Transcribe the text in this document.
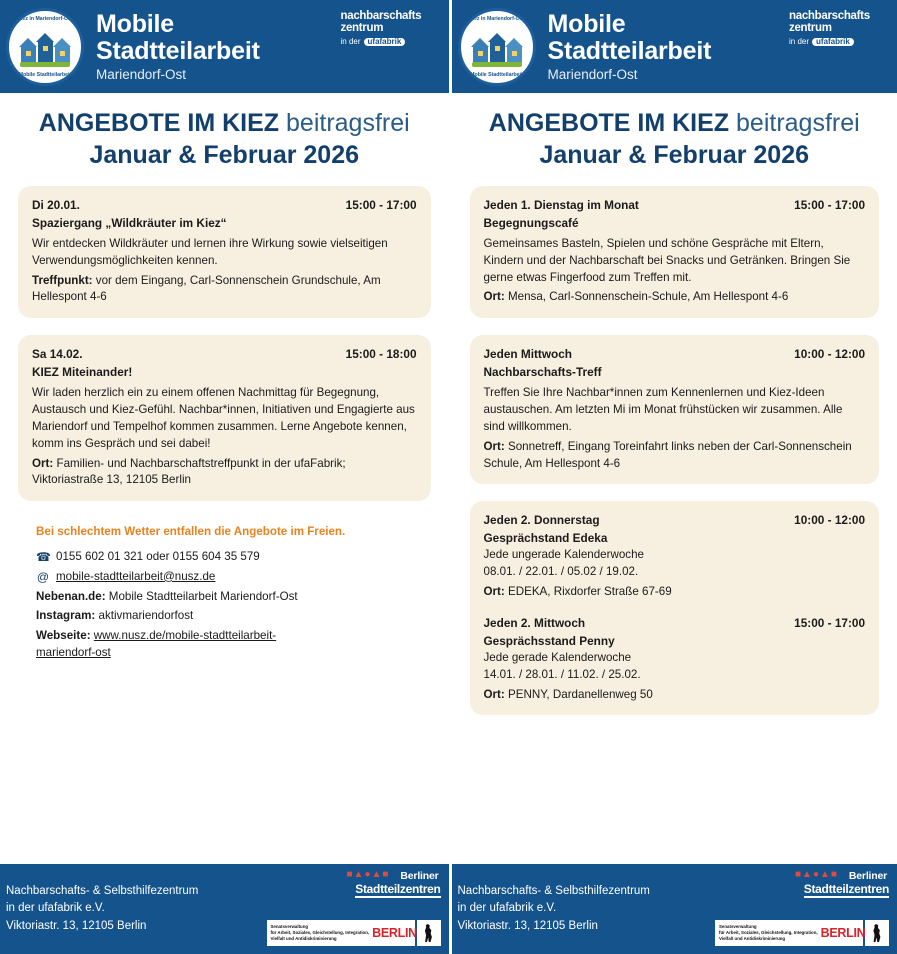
Kiez in Mariendorf-Ost
Mobile Stadtteilarbeit
Mobile
Stadtteilarbeit
Mariendorf-Ost
nachbarschafts
zentrum
in der ufafabrik
ANGEBOTE IM KIEZ beitragsfrei
Januar & Februar 2026
Di 20.01.	15:00 - 17:00
Spaziergang „Wildkräuter im Kiez“
Wir entdecken Wildkräuter und lernen ihre Wirkung sowie vielseitigen Verwendungsmöglichkeiten kennen.
Treffpunkt: vor dem Eingang, Carl-Sonnenschein Grundschule, Am Hellespont 4-6
Sa 14.02.	15:00 - 18:00
KIEZ Miteinander!
Wir laden herzlich ein zu einem offenen Nachmittag für Begegnung, Austausch und Kiez-Gefühl. Nachbar*innen, Initiativen und Engagierte aus Mariendorf und Tempelhof kommen zusammen. Lerne Angebote kennen, komm ins Gespräch und sei dabei!
Ort: Familien- und Nachbarschaftstreffpunkt in der ufaFabrik; Viktoriastraße 13, 12105 Berlin
Bei schlechtem Wetter entfallen die Angebote im Freien.
☎ 0155 602 01 321 oder 0155 604 35 579
@ mobile-stadtteilarbeit@nusz.de
Nebenan.de: Mobile Stadtteilarbeit Mariendorf-Ost
Instagram: aktivmariendorfost
Webseite: www.nusz.de/mobile-stadtteilarbeit-
mariendorf-ost
Nachbarschafts- & Selbsthilfezentrum
in der ufafabrik e.V.
Viktoriastr. 13, 12105 Berlin
■▲●▲■	Berliner
Stadtteilzentren
Senatsverwaltung
für Arbeit, Soziales, Gleichstellung, Integration,
Vielfalt und Antidiskriminierung	BERLIN
Kiez in Mariendorf-Ost
Mobile Stadtteilarbeit
Mobile
Stadtteilarbeit
Mariendorf-Ost
nachbarschafts
zentrum
in der ufafabrik
ANGEBOTE IM KIEZ beitragsfrei
Januar & Februar 2026
Jeden 1. Dienstag im Monat	15:00 - 17:00
Begegnungscafé
Gemeinsames Basteln, Spielen und schöne Gespräche mit Eltern, Kindern und der Nachbarschaft bei Snacks und Getränken. Bringen Sie gerne etwas Fingerfood zum Treffen mit.
Ort: Mensa, Carl-Sonnenschein-Schule, Am Hellespont 4-6
Jeden Mittwoch	10:00 - 12:00
Nachbarschafts-Treff
Treffen Sie Ihre Nachbar*innen zum Kennenlernen und Kiez-Ideen austauschen. Am letzten Mi im Monat frühstücken wir zusammen. Alle sind willkommen.
Ort: Sonnetreff, Eingang Toreinfahrt links neben der Carl-Sonnenschein Schule, Am Hellespont 4-6
Jeden 2. Donnerstag	10:00 - 12:00
Gesprächstand Edeka
Jede ungerade Kalenderwoche
08.01. / 22.01. / 05.02 / 19.02.
Ort: EDEKA, Rixdorfer Straße 67-69
Jeden 2. Mittwoch	15:00 - 17:00
Gesprächsstand Penny
Jede gerade Kalenderwoche
14.01. / 28.01. / 11.02. / 25.02.
Ort: PENNY, Dardanellenweg 50
Nachbarschafts- & Selbsthilfezentrum
in der ufafabrik e.V.
Viktoriastr. 13, 12105 Berlin
■▲●▲■	Berliner
Stadtteilzentren
Senatsverwaltung
für Arbeit, Soziales, Gleichstellung, Integration,
Vielfalt und Antidiskriminierung	BERLIN
